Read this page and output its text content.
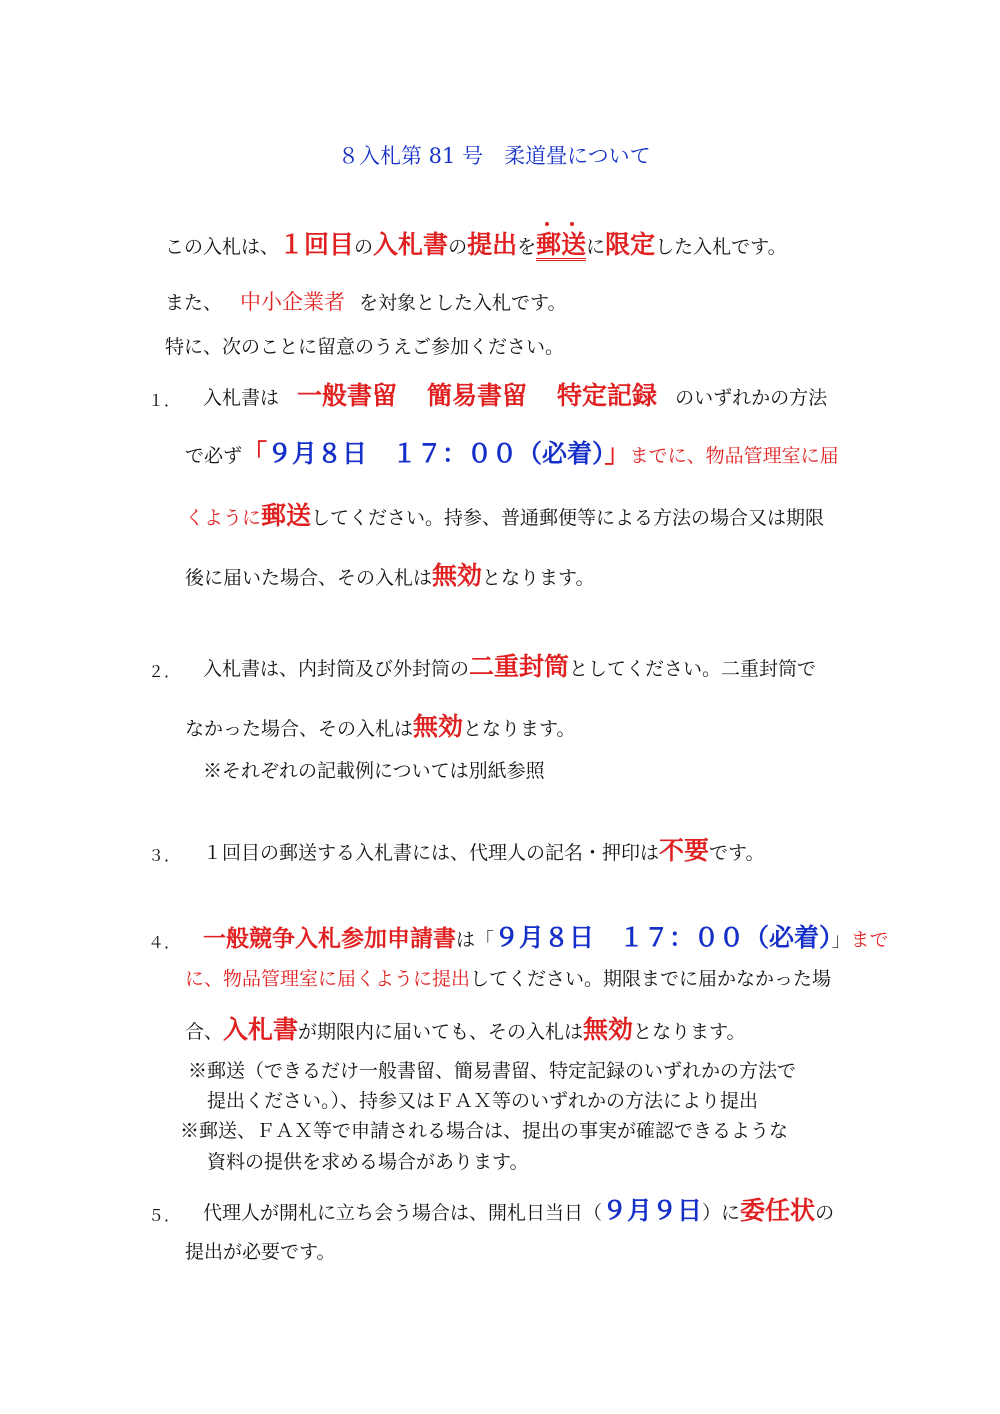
８入札第 81 号　柔道畳について
この入札は、１回目の入札書の提出を
郵送に限定した入札です。
また、 中小企業者 を対象とした入札です。
特に、次のことに留意のうえご参加ください。
１． 入札書は 一般書留 簡易書留 特定記録 のいずれかの方法
で必ず「９月８日　１７：００（必着）」までに、物品管理室に届
くように郵送してください。持参、普通郵便等による方法の場合又は期限
後に届いた場合、その入札は無効となります。
２． 入札書は、内封筒及び外封筒の二重封筒としてください。二重封筒で
なかった場合、その入札は無効となります。
※それぞれの記載例については別紙参照
３． １回目の郵送する入札書には、代理人の記名・押印は不要です。
４． 一般競争入札参加申請書は「９月８日　１７：００（必着）」まで
に、物品管理室に届くように提出してください。期限までに届かなかった場
合、入札書が期限内に届いても、その入札は無効となります。
※郵送（できるだけ一般書留、簡易書留、特定記録のいずれかの方法で
提出ください。）、持参又はＦＡＸ等のいずれかの方法により提出
※郵送、ＦＡＸ等で申請される場合は、提出の事実が確認できるような
資料の提供を求める場合があります。
５． 代理人が開札に立ち会う場合は、開札日当日（９月９日）に委任状の
提出が必要です。
